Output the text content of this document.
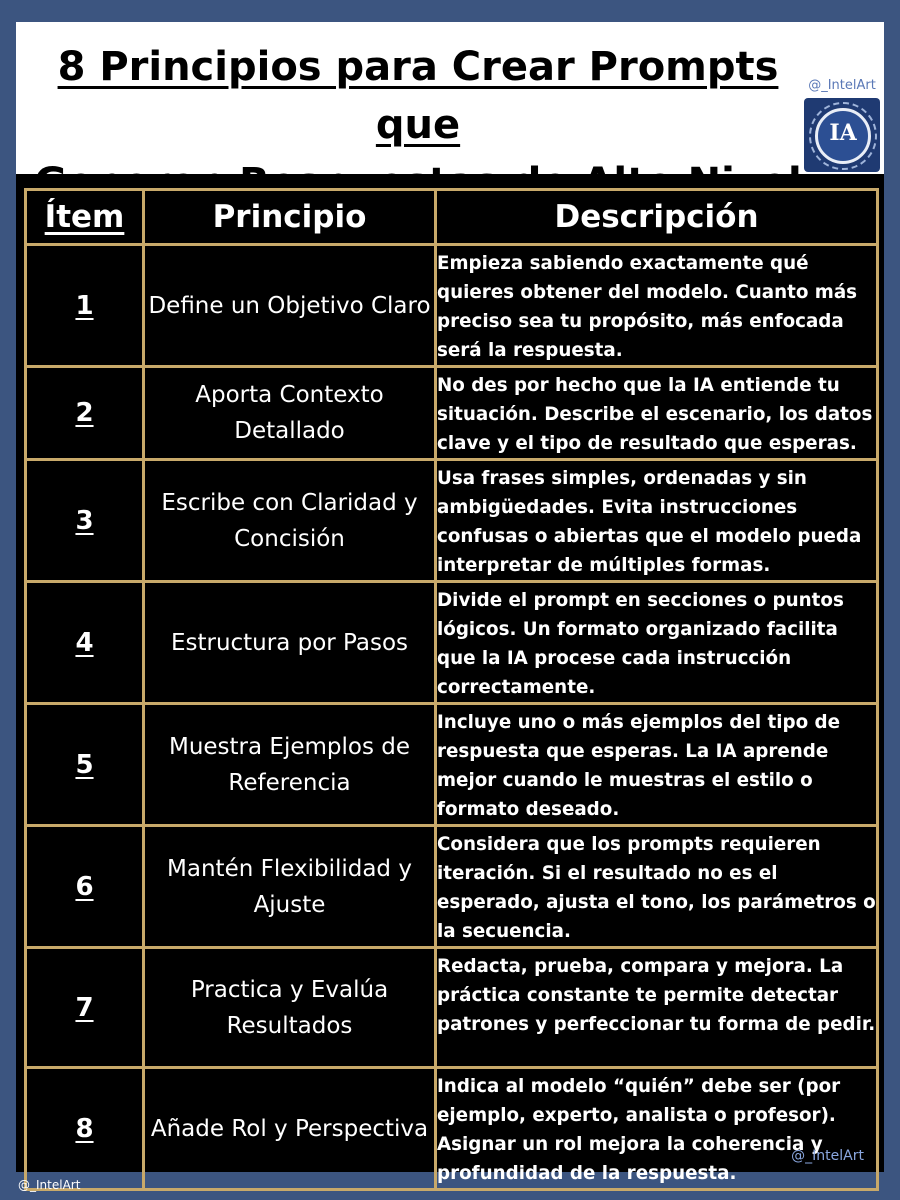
8 Principios para Crear Prompts que

@_IntelArt
IA
Ítem	Principio	Descripción
1	Define un Objetivo Claro	Empieza sabiendo exactamente qué quieres obtener del modelo. Cuanto más preciso sea tu propósito, más enfocada será la respuesta.

2	Aporta Contexto Detallado	No des por hecho que la IA entiende tu situación. Describe el escenario, los datos clave y el tipo de resultado que esperas.

3	Escribe con Claridad y Concisión	Usa frases simples, ordenadas y sin ambigüedades. Evita instrucciones confusas o abiertas que el modelo pueda interpretar de múltiples formas.

4	Estructura por Pasos	Divide el prompt en secciones o puntos lógicos. Un formato organizado facilita que la IA procese cada instrucción correctamente.

5	Muestra Ejemplos de Referencia	Incluye uno o más ejemplos del tipo de respuesta que esperas. La IA aprende mejor cuando le muestras el estilo o formato deseado.

6	Mantén Flexibilidad y Ajuste	Considera que los prompts requieren iteración. Si el resultado no es el esperado, ajusta el tono, los parámetros o la secuencia.

7	Practica y Evalúa Resultados	Redacta, prueba, compara y mejora. La práctica constante te permite detectar patrones y perfeccionar tu forma de pedir.

8	Añade Rol y Perspectiva	Indica al modelo “quién” debe ser (por ejemplo, experto, analista o profesor). Asignar un rol mejora la coherencia y profundidad de la respuesta.
@_IntelArt
@_IntelArt
